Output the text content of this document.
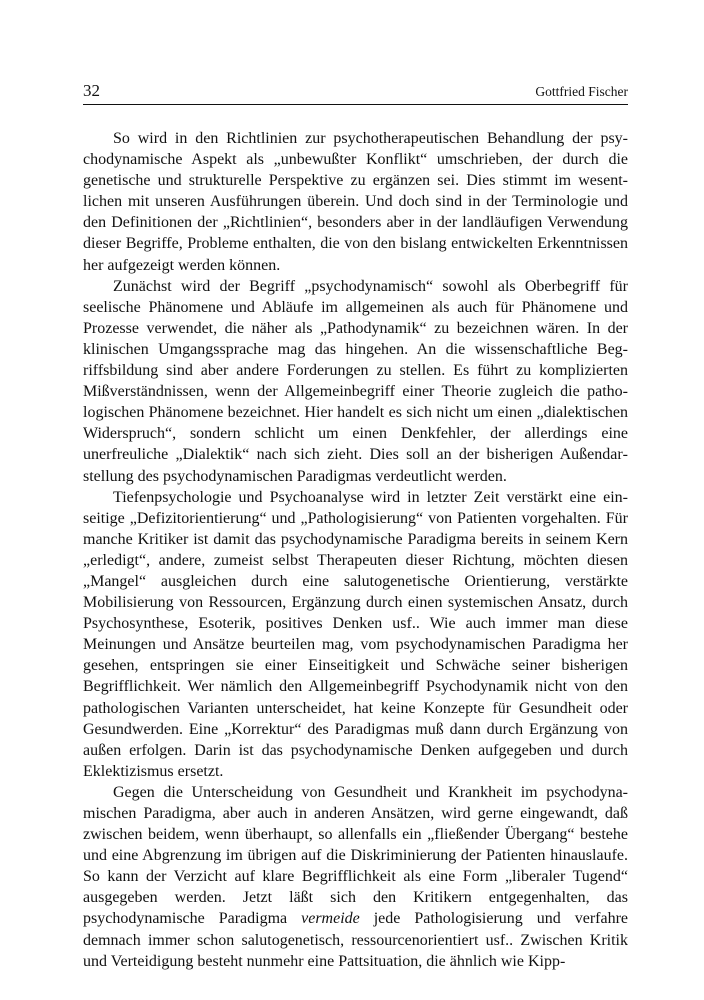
32	Gottfried Fischer

So wird in den Richtlinien zur psychotherapeutischen Behandlung der psychodynamische Aspekt als „unbewußter Konflikt“ umschrieben, der durch die genetische und strukturelle Perspektive zu ergänzen sei. Dies stimmt im wesentlichen mit unseren Ausführungen überein. Und doch sind in der Terminologie und den Definitionen der „Richtlinien“, besonders aber in der landläufigen Verwendung dieser Begriffe, Probleme enthalten, die von den bislang entwickelten Erkenntnissen her aufgezeigt werden können.

Zunächst wird der Begriff „psychodynamisch“ sowohl als Oberbegriff für seelische Phänomene und Abläufe im allgemeinen als auch für Phänomene und Prozesse verwendet, die näher als „Pathodynamik“ zu bezeichnen wären. In der klinischen Umgangssprache mag das hingehen. An die wissenschaftliche Begriffsbildung sind aber andere Forderungen zu stellen. Es führt zu komplizierten Mißverständnissen, wenn der Allgemeinbegriff einer Theorie zugleich die pathologischen Phänomene bezeichnet. Hier handelt es sich nicht um einen „dialektischen Widerspruch“, sondern schlicht um einen Denkfehler, der allerdings eine unerfreuliche „Dialektik“ nach sich zieht. Dies soll an der bisherigen Außendarstellung des psychodynamischen Paradigmas verdeutlicht werden.

Tiefenpsychologie und Psychoanalyse wird in letzter Zeit verstärkt eine einseitige „Defizitorientierung“ und „Pathologisierung“ von Patienten vorgehalten. Für manche Kritiker ist damit das psychodynamische Paradigma bereits in seinem Kern „erledigt“, andere, zumeist selbst Therapeuten dieser Richtung, möchten diesen „Mangel“ ausgleichen durch eine salutogenetische Orientierung, verstärkte Mobilisierung von Ressourcen, Ergänzung durch einen systemischen Ansatz, durch Psychosynthese, Esoterik, positives Denken usf.. Wie auch immer man diese Meinungen und Ansätze beurteilen mag, vom psychodynamischen Paradigma her gesehen, entspringen sie einer Einseitigkeit und Schwäche seiner bisherigen Begrifflichkeit. Wer nämlich den Allgemeinbegriff Psychodynamik nicht von den pathologischen Varianten unterscheidet, hat keine Konzepte für Gesundheit oder Gesundwerden. Eine „Korrektur“ des Paradigmas muß dann durch Ergänzung von außen erfolgen. Darin ist das psychodynamische Denken aufgegeben und durch Eklektizismus ersetzt.

Gegen die Unterscheidung von Gesundheit und Krankheit im psychodynamischen Paradigma, aber auch in anderen Ansätzen, wird gerne eingewandt, daß zwischen beidem, wenn überhaupt, so allenfalls ein „fließender Übergang“ bestehe und eine Abgrenzung im übrigen auf die Diskriminierung der Patienten hinauslaufe. So kann der Verzicht auf klare Begrifflichkeit als eine Form „liberaler Tugend“ ausgegeben werden. Jetzt läßt sich den Kritikern entgegenhalten, das psychodynamische Paradigma vermeide jede Pathologisierung und verfahre demnach immer schon salutogenetisch, ressourcenorientiert usf.. Zwischen Kritik und Verteidigung besteht nunmehr eine Pattsituation, die ähnlich wie Kipp-
